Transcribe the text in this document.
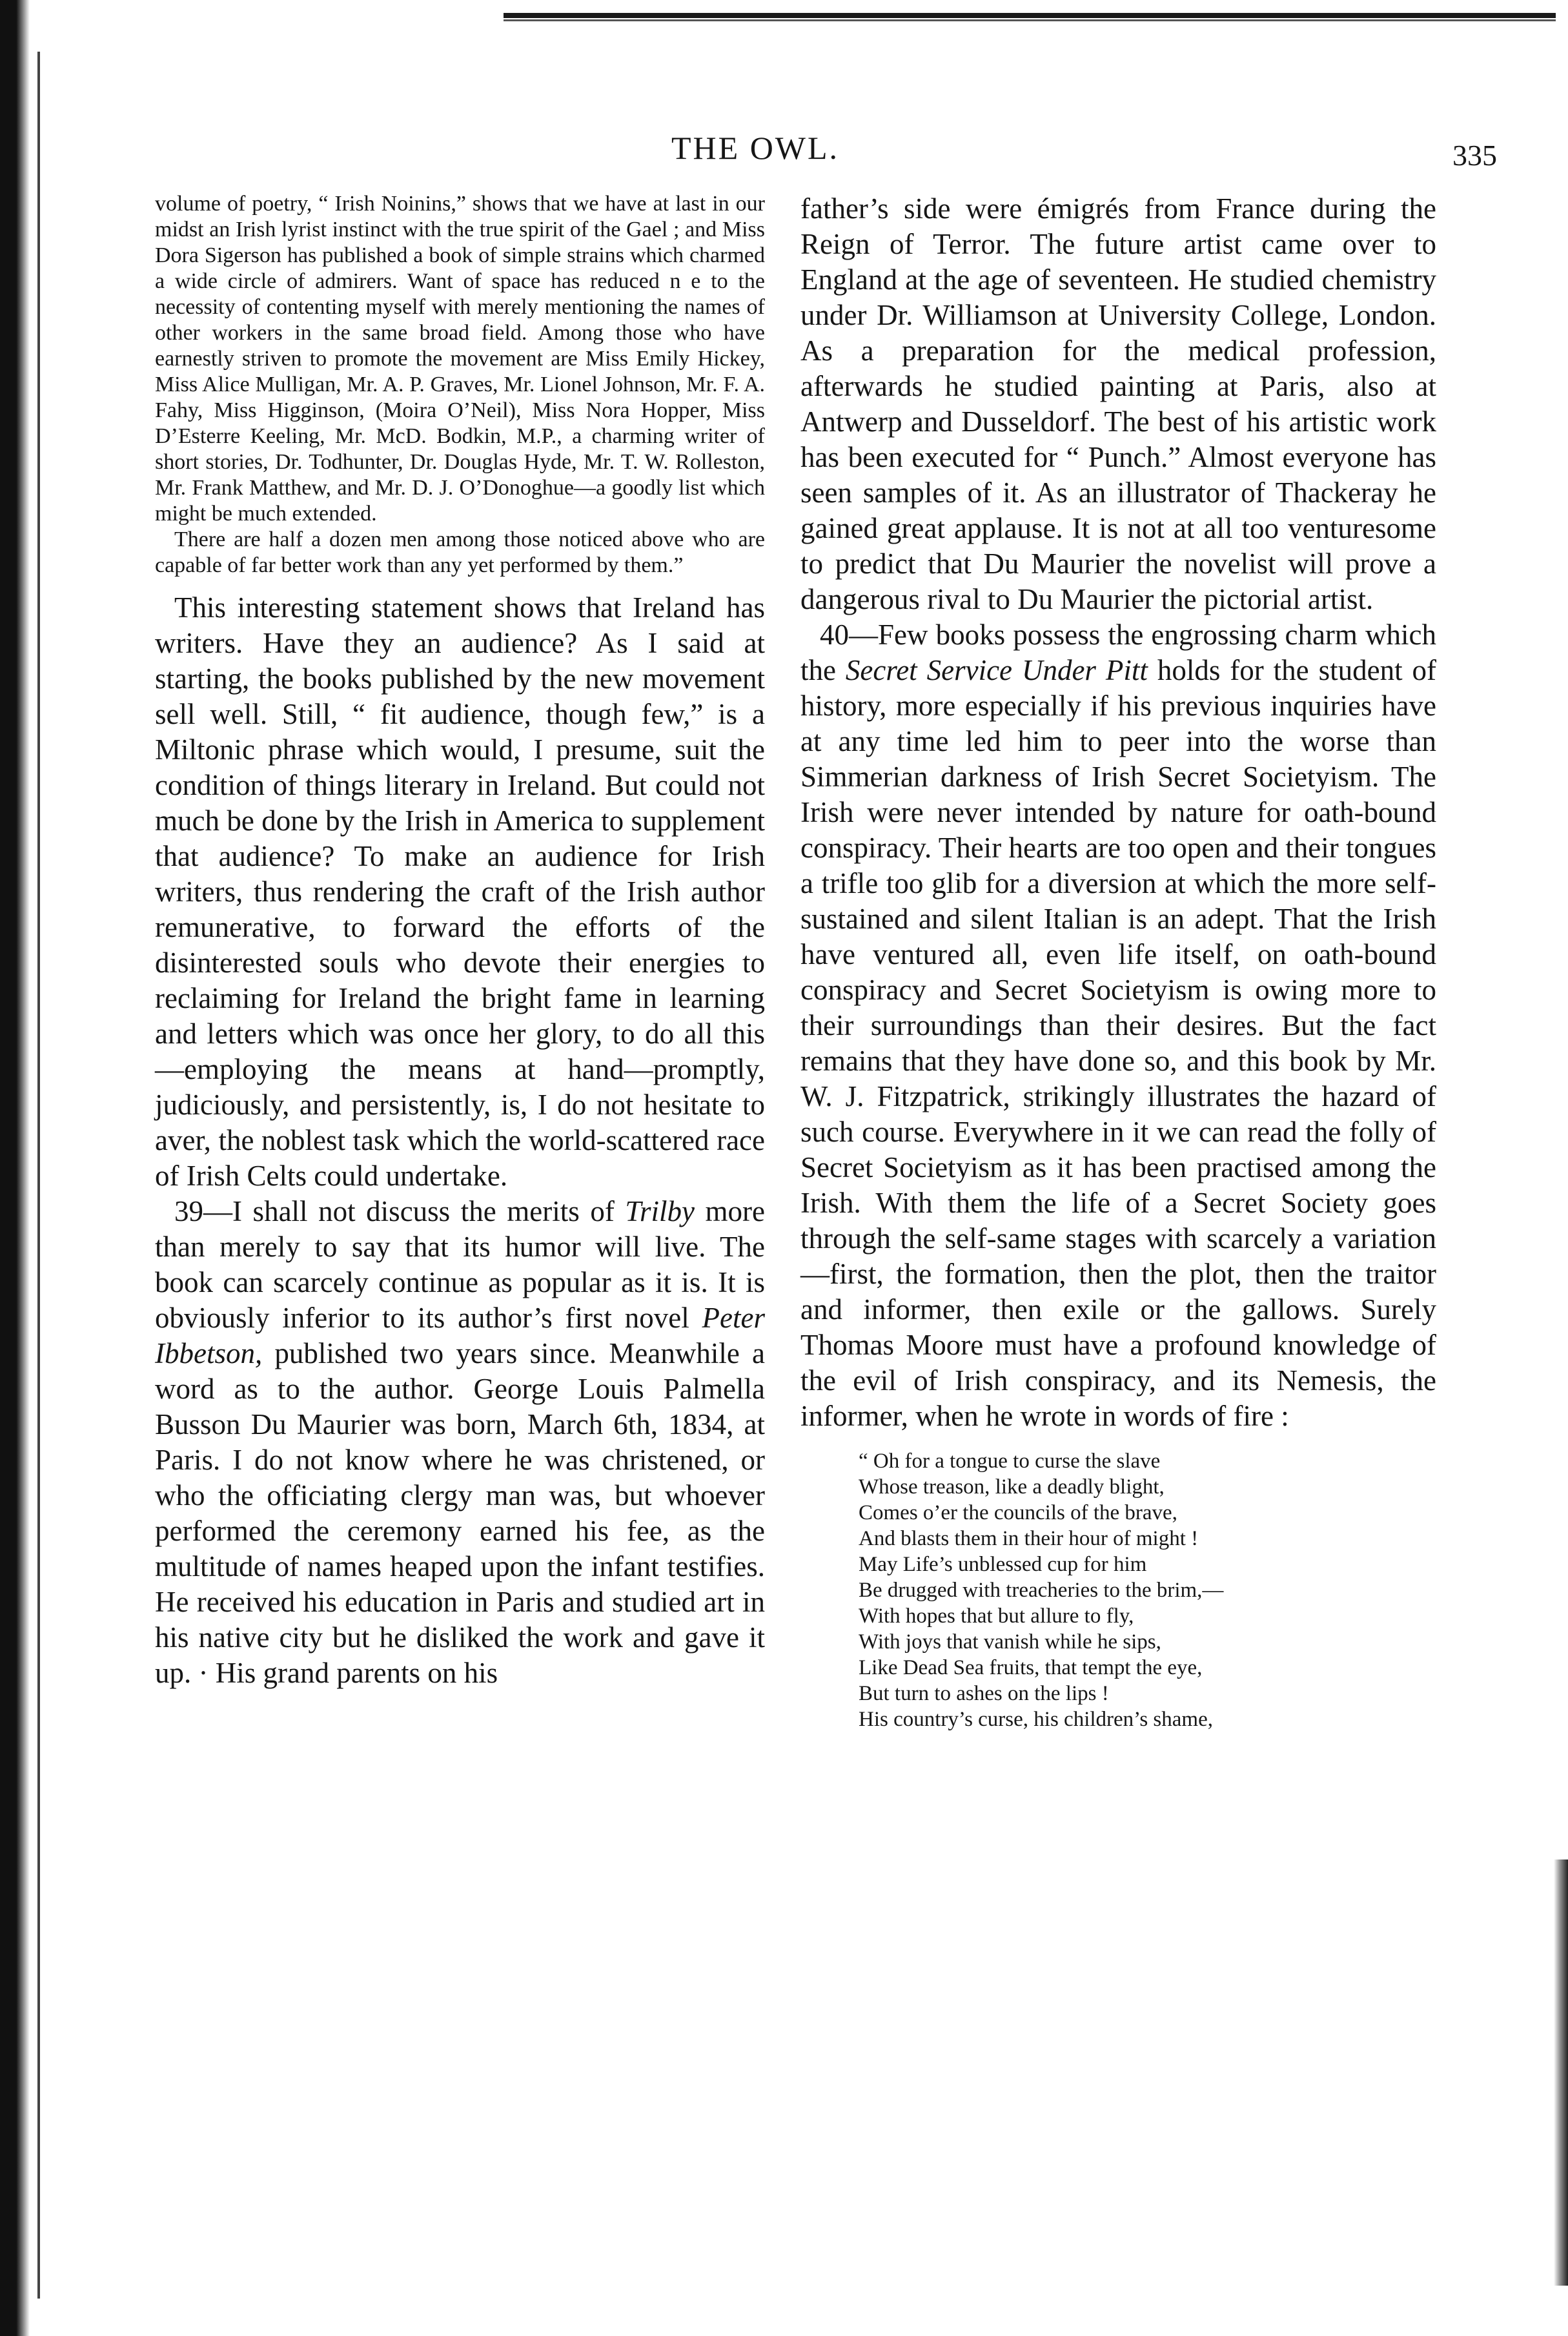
THE OWL.	335

volume of poetry, “ Irish Noinins,” shows that we have at last in our midst an Irish lyrist instinct with the true spirit of the Gael ; and Miss Dora Sigerson has published a book of simple strains which charmed a wide circle of admirers. Want of space has reduced n e to the necessity of contenting myself with merely mentioning the names of other workers in the same broad field. Among those who have earnestly striven to promote the movement are Miss Emily Hickey, Miss Alice Mulligan, Mr. A. P. Graves, Mr. Lionel Johnson, Mr. F. A. Fahy, Miss Higginson, (Moira O’Neil), Miss Nora Hopper, Miss D’Esterre Keeling, Mr. McD. Bodkin, M.P., a charming writer of short stories, Dr. Todhunter, Dr. Douglas Hyde, Mr. T. W. Rolleston, Mr. Frank Matthew, and Mr. D. J. O’Donoghue—a goodly list which might be much extended.

There are half a dozen men among those noticed above who are capable of far better work than any yet performed by them.”

This interesting statement shows that Ireland has writers. Have they an audience? As I said at starting, the books published by the new movement sell well. Still, “ fit audience, though few,” is a Miltonic phrase which would, I presume, suit the condition of things literary in Ireland. But could not much be done by the Irish in America to supplement that audience? To make an audience for Irish writers, thus rendering the craft of the Irish author remunerative, to forward the efforts of the disinterested souls who devote their energies to reclaiming for Ireland the bright fame in learning and letters which was once her glory, to do all this—employing the means at hand—promptly, judiciously, and persistently, is, I do not hesitate to aver, the noblest task which the world-scattered race of Irish Celts could undertake.

39—I shall not discuss the merits of Trilby more than merely to say that its humor will live. The book can scarcely continue as popular as it is. It is obviously inferior to its author’s first novel Peter Ibbetson, published two years since. Meanwhile a word as to the author. George Louis Palmella Busson Du Maurier was born, March 6th, 1834, at Paris. I do not know where he was christened, or who the officiating clergy man was, but whoever performed the ceremony earned his fee, as the multitude of names heaped upon the infant testifies. He received his education in Paris and studied art in his native city but he disliked the work and gave it up. · His grand parents on his

father’s side were émigrés from France during the Reign of Terror. The future artist came over to England at the age of seventeen. He studied chemistry under Dr. Williamson at University College, London. As a preparation for the medical profession, afterwards he studied painting at Paris, also at Antwerp and Dusseldorf. The best of his artistic work has been executed for “ Punch.” Almost everyone has seen samples of it. As an illustrator of Thackeray he gained great applause. It is not at all too venturesome to predict that Du Maurier the novelist will prove a dangerous rival to Du Maurier the pictorial artist.

40—Few books possess the engrossing charm which the Secret Service Under Pitt holds for the student of history, more especially if his previous inquiries have at any time led him to peer into the worse than Simmerian darkness of Irish Secret Societyism. The Irish were never intended by nature for oath-bound conspiracy. Their hearts are too open and their tongues a trifle too glib for a diversion at which the more self-sustained and silent Italian is an adept. That the Irish have ventured all, even life itself, on oath-bound conspiracy and Secret Societyism is owing more to their surroundings than their desires. But the fact remains that they have done so, and this book by Mr. W. J. Fitzpatrick, strikingly illustrates the hazard of such course. Everywhere in it we can read the folly of Secret Societyism as it has been practised among the Irish. With them the life of a Secret Society goes through the self-same stages with scarcely a variation—first, the formation, then the plot, then the traitor and informer, then exile or the gallows. Surely Thomas Moore must have a profound knowledge of the evil of Irish conspiracy, and its Nemesis, the informer, when he wrote in words of fire :

“ Oh for a tongue to curse the slave
Whose treason, like a deadly blight,
Comes o’er the councils of the brave,
And blasts them in their hour of might !
May Life’s unblessed cup for him
Be drugged with treacheries to the brim,—
With hopes that but allure to fly,
With joys that vanish while he sips,
Like Dead Sea fruits, that tempt the eye,
But turn to ashes on the lips !
His country’s curse, his children’s shame,
